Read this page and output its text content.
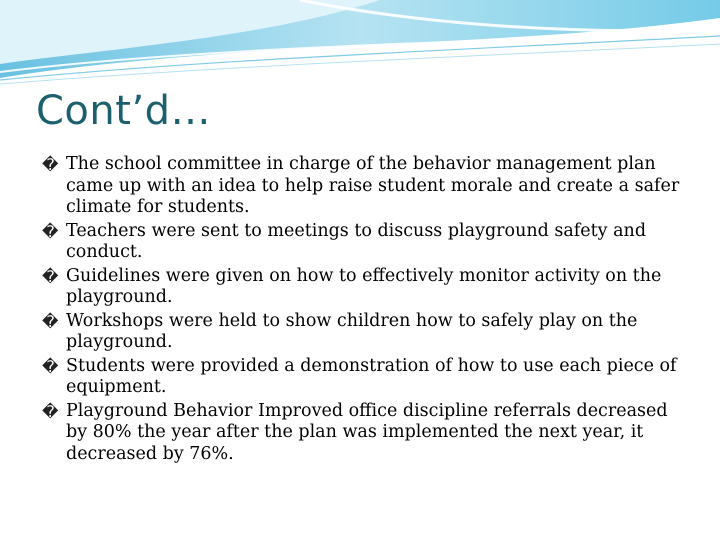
Cont’d…
� The school committee in charge of the behavior management plan came up with an idea to help raise student morale and create a safer climate for students.
� Teachers were sent to meetings to discuss playground safety and conduct.
� Guidelines were given on how to effectively monitor activity on the playground.
� Workshops were held to show children how to safely play on the playground.
� Students were provided a demonstration of how to use each piece of equipment.
� Playground Behavior Improved office discipline referrals decreased by 80% the year after the plan was implemented the next year, it decreased by 76%.
